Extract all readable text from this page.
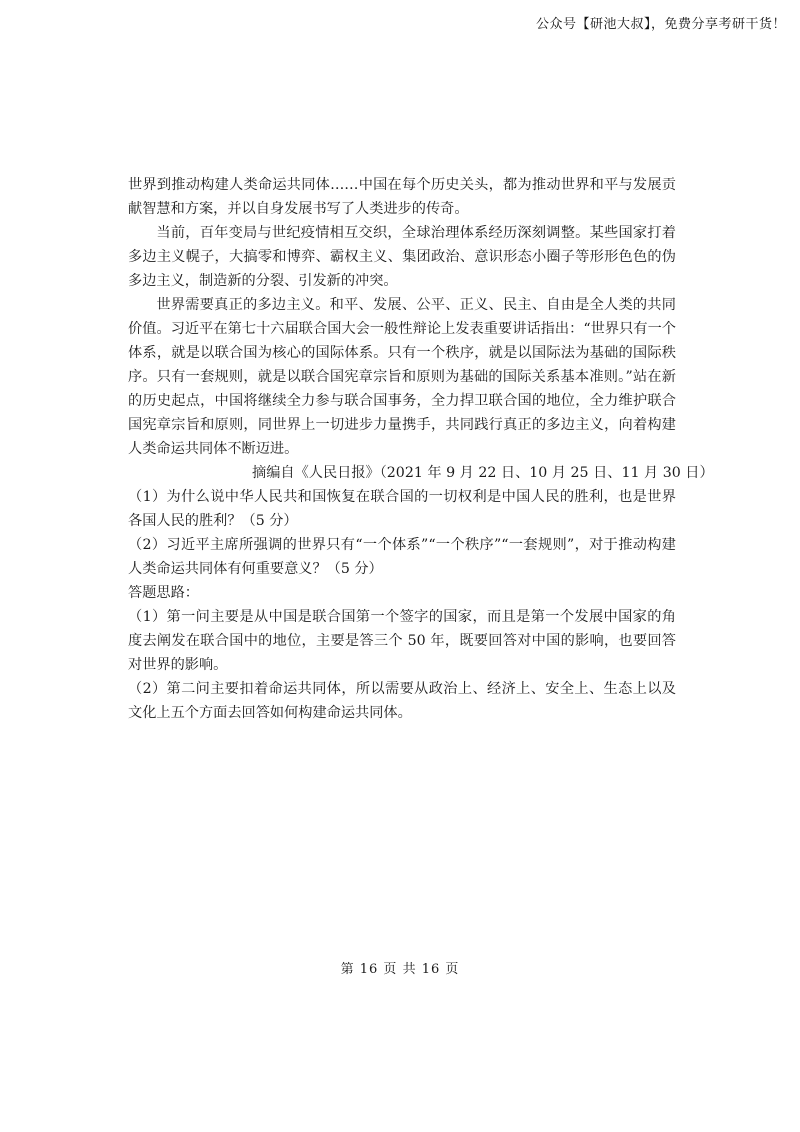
公众号【研池大叔】，免费分享考研干货！

世界到推动构建人类命运共同体……中国在每个历史关头，都为推动世界和平与发展贡献智慧和方案，并以自身发展书写了人类进步的传奇。

当前，百年变局与世纪疫情相互交织，全球治理体系经历深刻调整。某些国家打着多边主义幌子，大搞零和博弈、霸权主义、集团政治、意识形态小圈子等形形色色的伪多边主义，制造新的分裂、引发新的冲突。

世界需要真正的多边主义。和平、发展、公平、正义、民主、自由是全人类的共同价值。习近平在第七十六届联合国大会一般性辩论上发表重要讲话指出：“世界只有一个体系，就是以联合国为核心的国际体系。只有一个秩序，就是以国际法为基础的国际秩序。只有一套规则，就是以联合国宪章宗旨和原则为基础的国际关系基本准则。”站在新的历史起点，中国将继续全力参与联合国事务，全力捍卫联合国的地位，全力维护联合国宪章宗旨和原则，同世界上一切进步力量携手，共同践行真正的多边主义，向着构建人类命运共同体不断迈进。

摘编自《人民日报》（2021 年 9 月 22 日、10 月 25 日、11 月 30 日）

（1）为什么说中华人民共和国恢复在联合国的一切权利是中国人民的胜利，也是世界各国人民的胜利？（5 分）

（2）习近平主席所强调的世界只有“一个体系”“一个秩序”“一套规则”，对于推动构建人类命运共同体有何重要意义？（5 分）

答题思路：

（1）第一问主要是从中国是联合国第一个签字的国家，而且是第一个发展中国家的角度去阐发在联合国中的地位，主要是答三个 50 年，既要回答对中国的影响，也要回答对世界的影响。

（2）第二问主要扣着命运共同体，所以需要从政治上、经济上、安全上、生态上以及文化上五个方面去回答如何构建命运共同体。

第 16 页 共 16 页
